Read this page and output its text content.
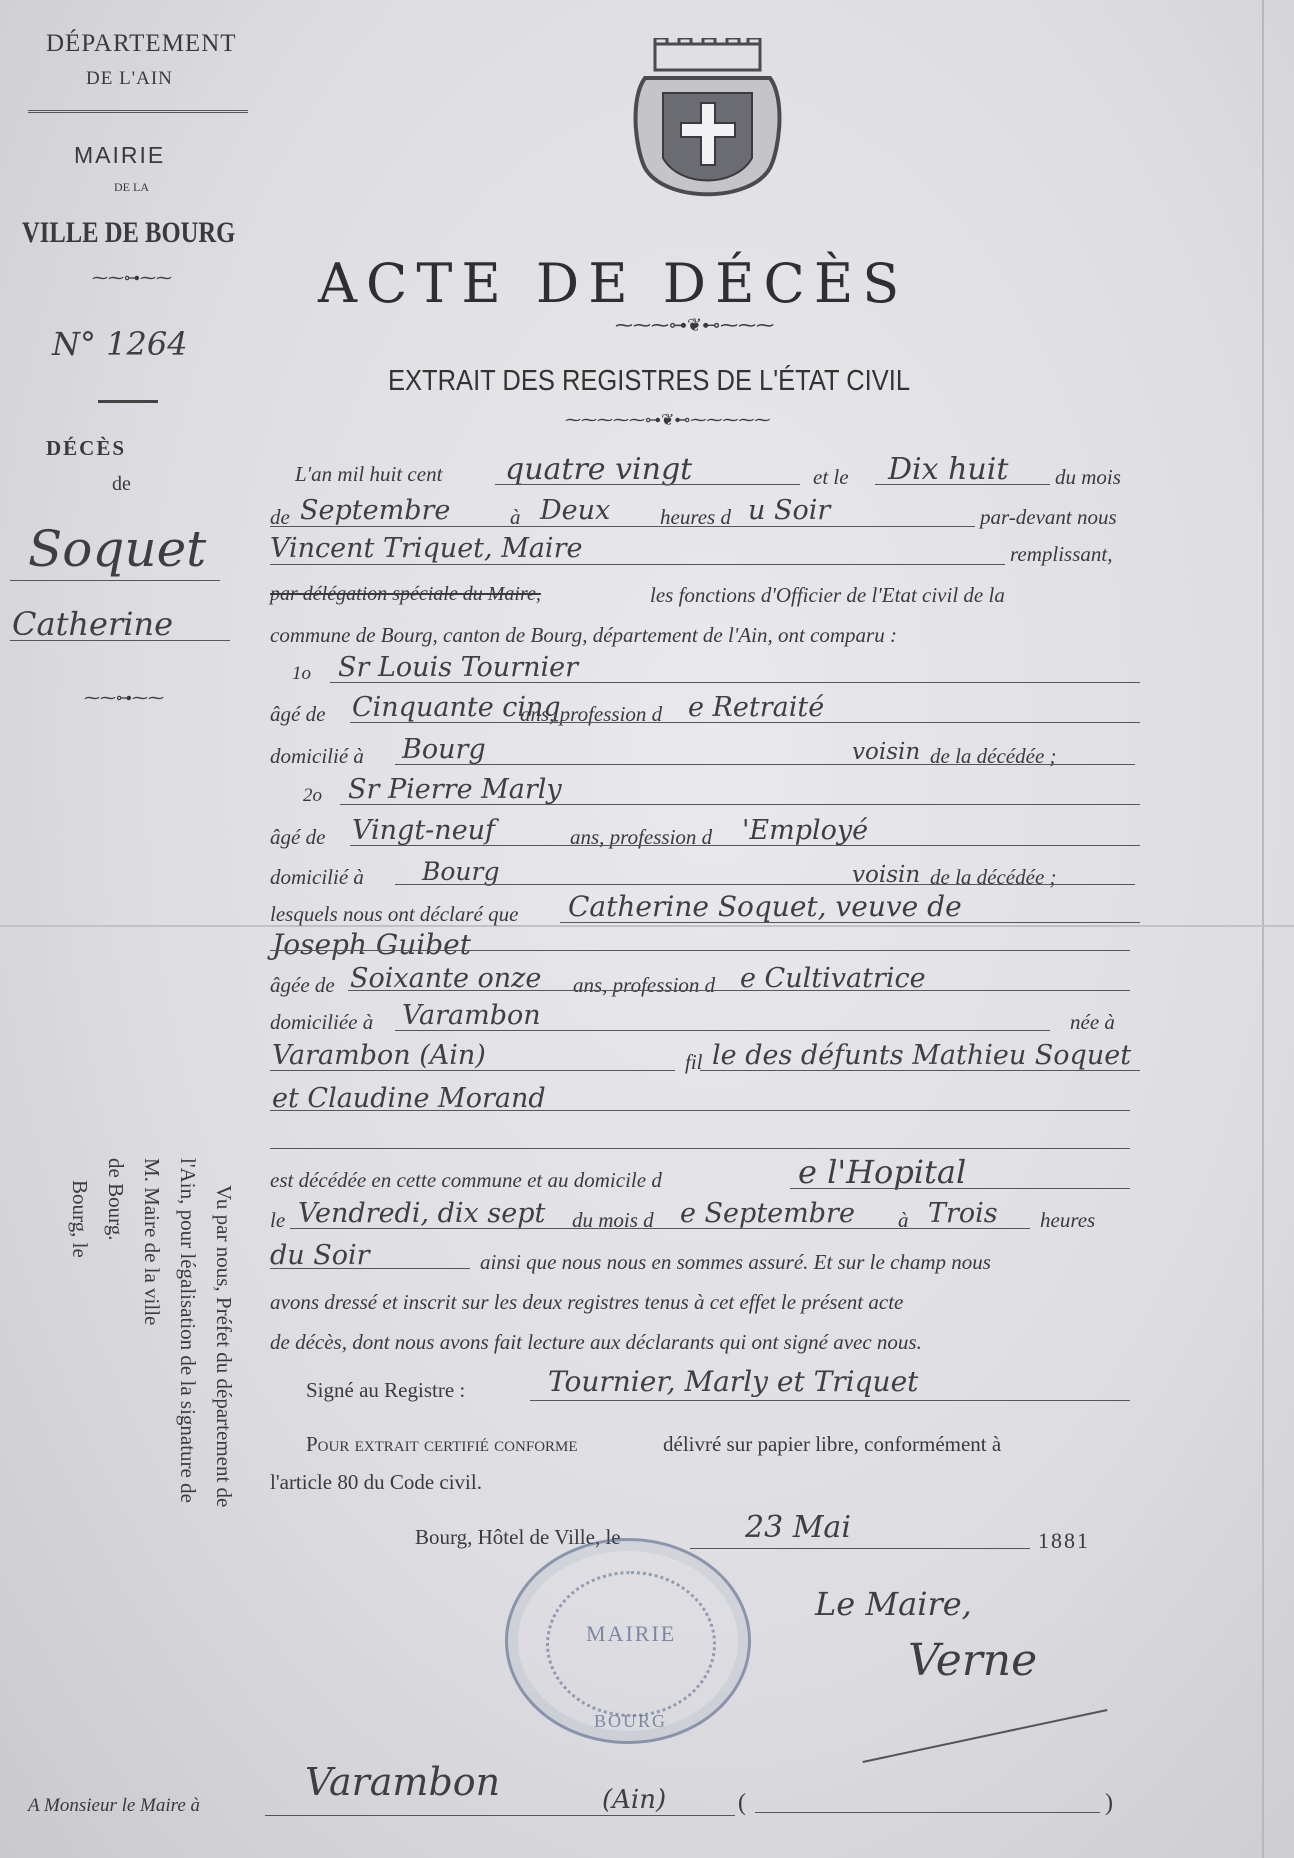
DÉPARTEMENT
DE L'AIN
MAIRIE
DE LA
VILLE DE BOURG
⁓⁓⊶⁓⁓
N° 1264
DÉCÈS
de
Soquet
Catherine
⁓⁓⊶⁓⁓
ACTE DE DÉCÈS
⁓⁓⁓⊶❦⊷⁓⁓⁓
EXTRAIT DES REGISTRES DE L'ÉTAT CIVIL
⁓⁓⁓⁓⁓⊶❦⊷⁓⁓⁓⁓⁓
L'an mil huit cent quatre vingt	et le Dix huit du mois
de Septembre	à Deux heures d u Soir	par-devant nous
Vincent Triquet, Maire	remplissant,
par délégation spéciale du Maire,	les fonctions d'Officier de l'Etat civil de la
commune de Bourg, canton de Bourg, département de l'Ain, ont comparu :
1o Sr Louis Tournier
âgé de Cinquante cinq
ans, profession d e Retraité
domicilié à Bourg	voisin de la décédée ;
2o Sr Pierre Marly
âgé de Vingt-neuf	ans, profession d 'Employé
domicilié à Bourg	voisin de la décédée ;
lesquels nous ont déclaré que Catherine Soquet, veuve de
Joseph Guibet
âgée de Soixante onze ans, profession d e Cultivatrice
domiciliée à Varambon	née à
Varambon (Ain)	fil le des défunts Mathieu Soquet
et Claudine Morand
est décédée en cette commune et au domicile d	e l'Hopital
le Vendredi, dix sept du mois d e Septembre à Trois heures
du Soir	ainsi que nous nous en sommes assuré. Et sur le champ nous
avons dressé et inscrit sur les deux registres tenus à cet effet le présent acte
de décès, dont nous avons fait lecture aux déclarants qui ont signé avec nous.
Signé au Registre :	Tournier, Marly et Triquet
Pour extrait certifié conforme	délivré sur papier libre, conformément à
l'article 80 du Code civil.
Bourg, Hôtel de Ville, le	23 Mai	1881
Le Maire,
Verne
MAIRIE
BOURG
Vu par nous, Préfet du département de
l'Ain, pour légalisation de la signature de
M. Maire de la ville
de Bourg.
Bourg, le
A Monsieur le Maire à
Varambon	(Ain)	(	)
